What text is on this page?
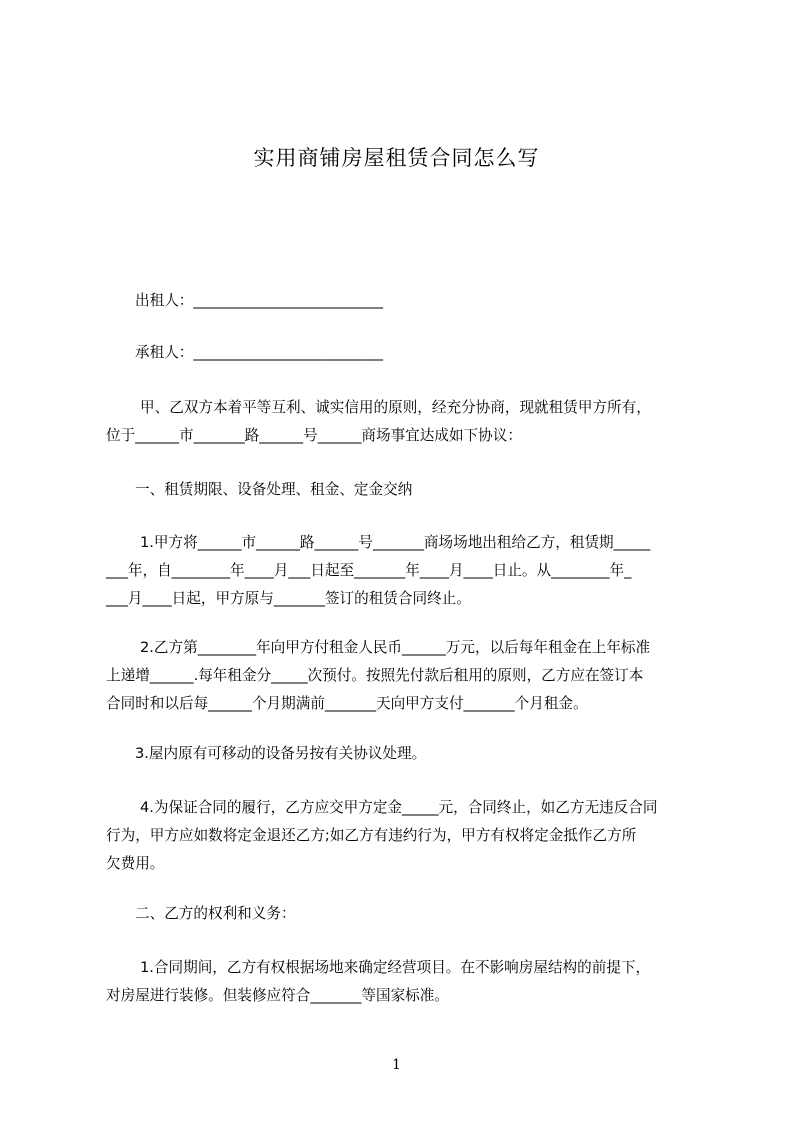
实用商铺房屋租赁合同怎么写
出租人：__________________________
承租人：__________________________
甲、乙双方本着平等互利、诚实信用的原则，经充分协商，现就租赁甲方所有，
位于______市_______路______号______商场事宜达成如下协议：
一、租赁期限、设备处理、租金、定金交纳
1.甲方将______市______路______号_______商场场地出租给乙方，租赁期_____
___年，自________年____月___日起至_______年____月____日止。从________年_
___月____日起，甲方原与_______签订的租赁合同终止。
2.乙方第________年向甲方付租金人民币______万元，以后每年租金在上年标准
上递增______.每年租金分_____次预付。按照先付款后租用的原则，乙方应在签订本
合同时和以后每______个月期满前_______天向甲方支付_______个月租金。
3.屋内原有可移动的设备另按有关协议处理。
4.为保证合同的履行，乙方应交甲方定金_____元，合同终止，如乙方无违反合同
行为，甲方应如数将定金退还乙方;如乙方有违约行为，甲方有权将定金抵作乙方所
欠费用。
二、乙方的权利和义务：
1.合同期间，乙方有权根据场地来确定经营项目。在不影响房屋结构的前提下，
对房屋进行装修。但装修应符合_______等国家标准。
1
